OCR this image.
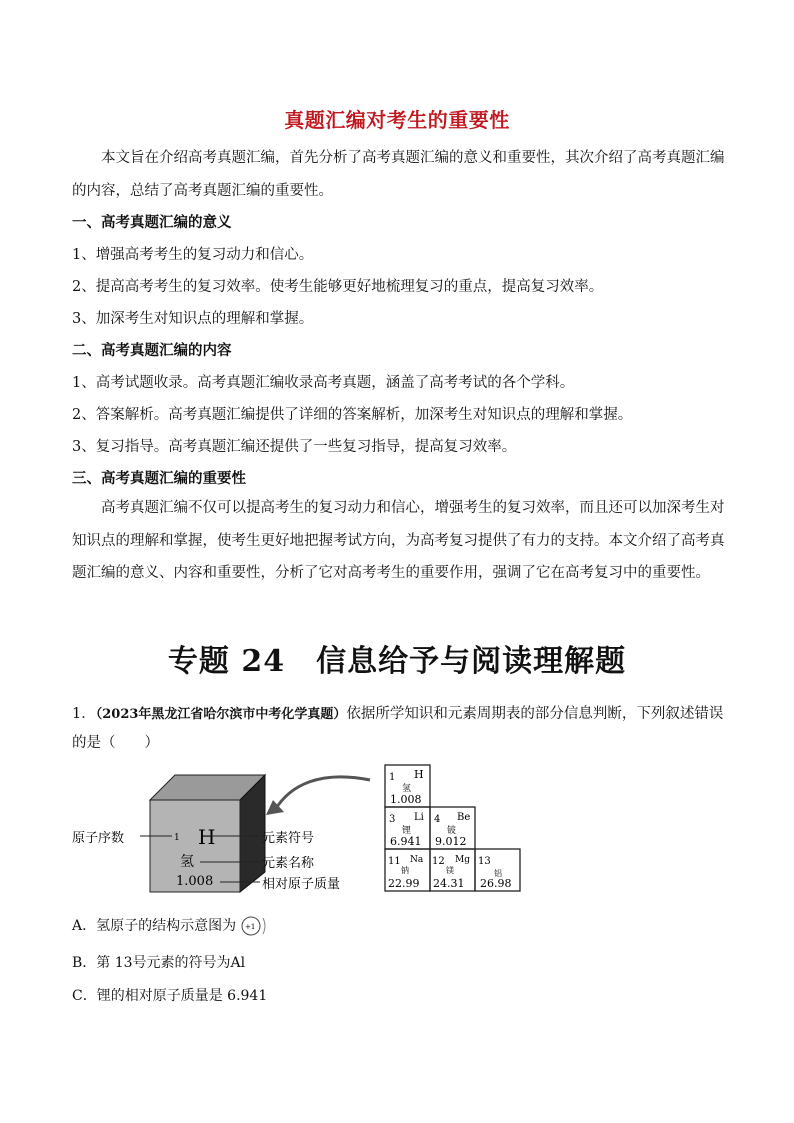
真题汇编对考生的重要性
本文旨在介绍高考真题汇编，首先分析了高考真题汇编的意义和重要性，其次介绍了高考真题汇编的内容，总结了高考真题汇编的重要性。
一、高考真题汇编的意义
1、增强高考考生的复习动力和信心。
2、提高高考考生的复习效率。使考生能够更好地梳理复习的重点，提高复习效率。
3、加深考生对知识点的理解和掌握。
二、高考真题汇编的内容
1、高考试题收录。高考真题汇编收录高考真题，涵盖了高考考试的各个学科。
2、答案解析。高考真题汇编提供了详细的答案解析，加深考生对知识点的理解和掌握。
3、复习指导。高考真题汇编还提供了一些复习指导，提高复习效率。
三、高考真题汇编的重要性
高考真题汇编不仅可以提高考生的复习动力和信心，增强考生的复习效率，而且还可以加深考生对知识点的理解和掌握，使考生更好地把握考试方向，为高考复习提供了有力的支持。本文介绍了高考真题汇编的意义、内容和重要性，分析了它对高考考生的重要作用，强调了它在高考复习中的重要性。
专题 24　信息给予与阅读理解题
1．（2023年黑龙江省哈尔滨市中考化学真题）依据所学知识和元素周期表的部分信息判断，下列叙述错误的是（　　）
1 H
氢
1.008
原子序数	元素符号
元素名称
相对原子质量
1 H
氢
1.008
3 Li
锂
6.941
4 Be
铍
9.012
11 Na
钠
22.99
12 Mg
镁
24.31
13
铝
26.98
A．氢原子的结构示意图为 +1
B．第 13号元素的符号为Al
C．锂的相对原子质量是 6.941
